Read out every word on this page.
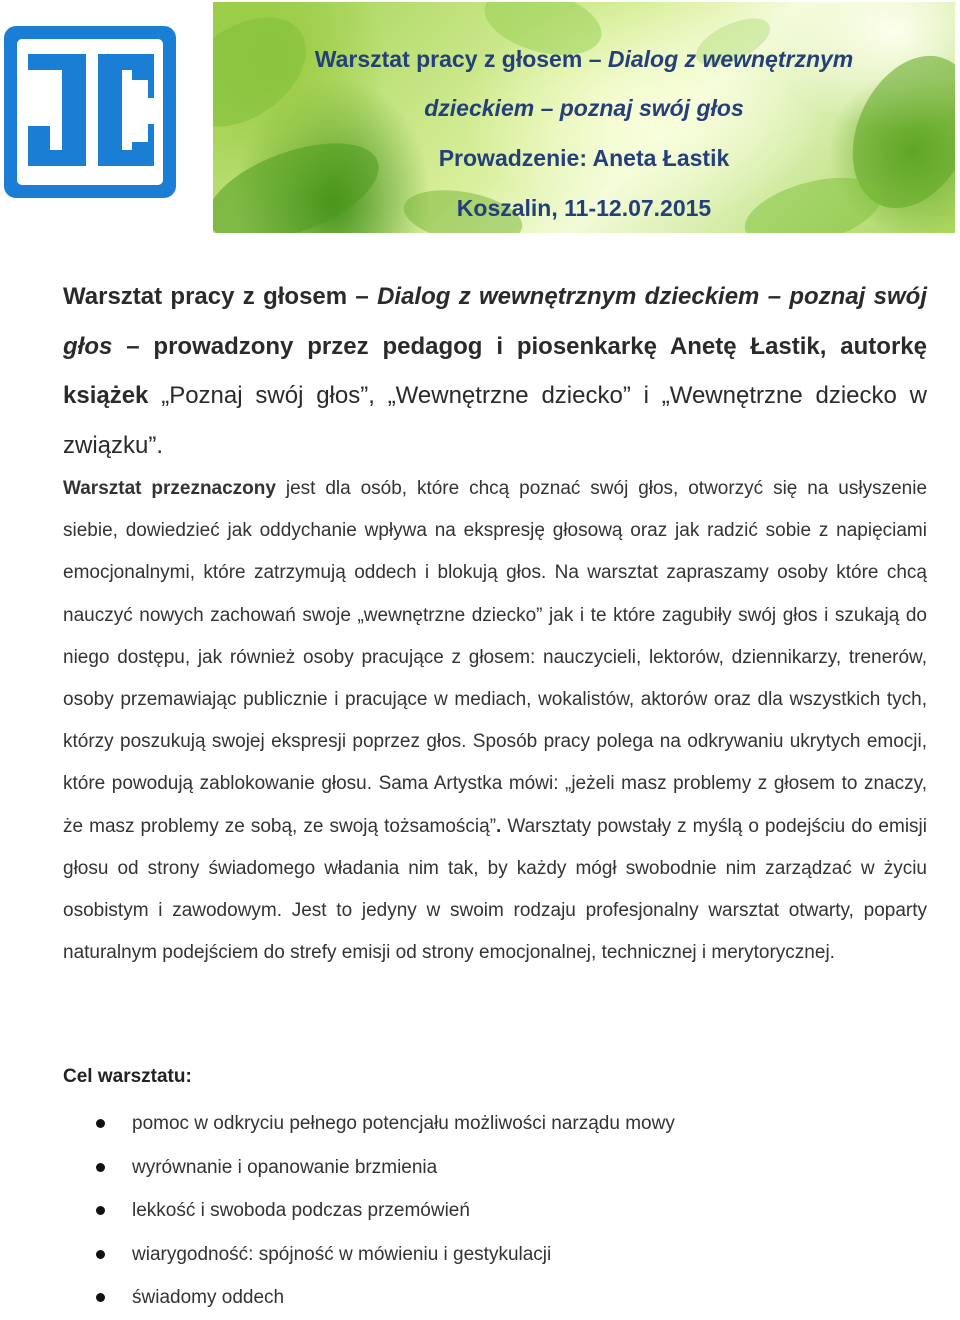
Warsztat pracy z głosem – Dialog z wewnętrznym
dzieckiem – poznaj swój głos
Prowadzenie: Aneta Łastik
Koszalin, 11-12.07.2015
Warsztat pracy z głosem – Dialog z wewnętrznym dzieckiem – poznaj swój głos – prowadzony przez pedagog i piosenkarkę Anetę Łastik, autorkę książek „Poznaj swój głos”, „Wewnętrzne dziecko” i „Wewnętrzne dziecko w związku”.
Warsztat przeznaczony jest dla osób, które chcą poznać swój głos, otworzyć się na usłyszenie siebie, dowiedzieć jak oddychanie wpływa na ekspresję głosową oraz jak radzić sobie z napięciami emocjonalnymi, które zatrzymują oddech i blokują głos. Na warsztat zapraszamy osoby które chcą nauczyć nowych zachowań swoje „wewnętrzne dziecko” jak i te które zagubiły swój głos i szukają do niego dostępu, jak również osoby pracujące z głosem: nauczycieli, lektorów, dziennikarzy, trenerów, osoby przemawiając publicznie i pracujące w mediach, wokalistów, aktorów oraz dla wszystkich tych, którzy poszukują swojej ekspresji poprzez głos. Sposób pracy polega na odkrywaniu ukrytych emocji, które powodują zablokowanie głosu. Sama Artystka mówi: „jeżeli masz problemy z głosem to znaczy, że masz problemy ze sobą, ze swoją tożsamością”. Warsztaty powstały z myślą o podejściu do emisji głosu od strony świadomego władania nim tak, by każdy mógł swobodnie nim zarządzać w życiu osobistym i zawodowym. Jest to jedyny w swoim rodzaju profesjonalny warsztat otwarty, poparty naturalnym podejściem do strefy emisji od strony emocjonalnej, technicznej i merytorycznej.
Cel warsztatu:
pomoc w odkryciu pełnego potencjału możliwości narządu mowy
wyrównanie i opanowanie brzmienia
lekkość i swoboda podczas przemówień
wiarygodność: spójność w mówieniu i gestykulacji
świadomy oddech
